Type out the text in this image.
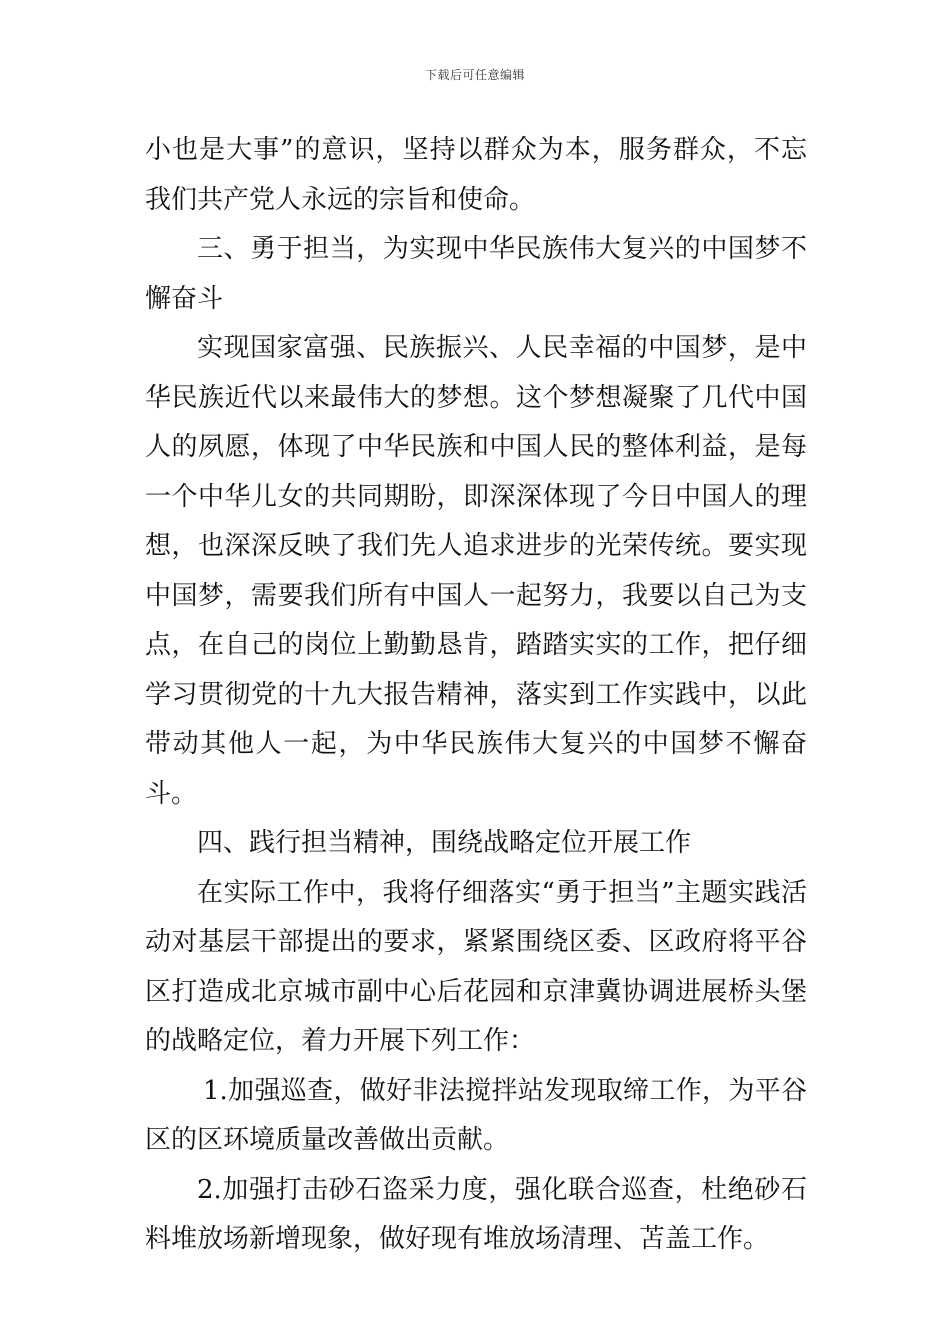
下载后可任意编辑

小也是大事”的意识，坚持以群众为本，服务群众，不忘我们共产党人永远的宗旨和使命。

三、勇于担当，为实现中华民族伟大复兴的中国梦不懈奋斗

实现国家富强、民族振兴、人民幸福的中国梦，是中华民族近代以来最伟大的梦想。这个梦想凝聚了几代中国人的夙愿，体现了中华民族和中国人民的整体利益，是每一个中华儿女的共同期盼，即深深体现了今日中国人的理想，也深深反映了我们先人追求进步的光荣传统。要实现中国梦，需要我们所有中国人一起努力，我要以自己为支点，在自己的岗位上勤勤恳肯，踏踏实实的工作，把仔细学习贯彻党的十九大报告精神，落实到工作实践中，以此带动其他人一起，为中华民族伟大复兴的中国梦不懈奋斗。

四、践行担当精神，围绕战略定位开展工作

在实际工作中，我将仔细落实“勇于担当”主题实践活动对基层干部提出的要求，紧紧围绕区委、区政府将平谷区打造成北京城市副中心后花园和京津冀协调进展桥头堡的战略定位，着力开展下列工作：

1.加强巡查，做好非法搅拌站发现取缔工作，为平谷区的区环境质量改善做出贡献。

2.加强打击砂石盗采力度，强化联合巡查，杜绝砂石料堆放场新增现象，做好现有堆放场清理、苫盖工作。
